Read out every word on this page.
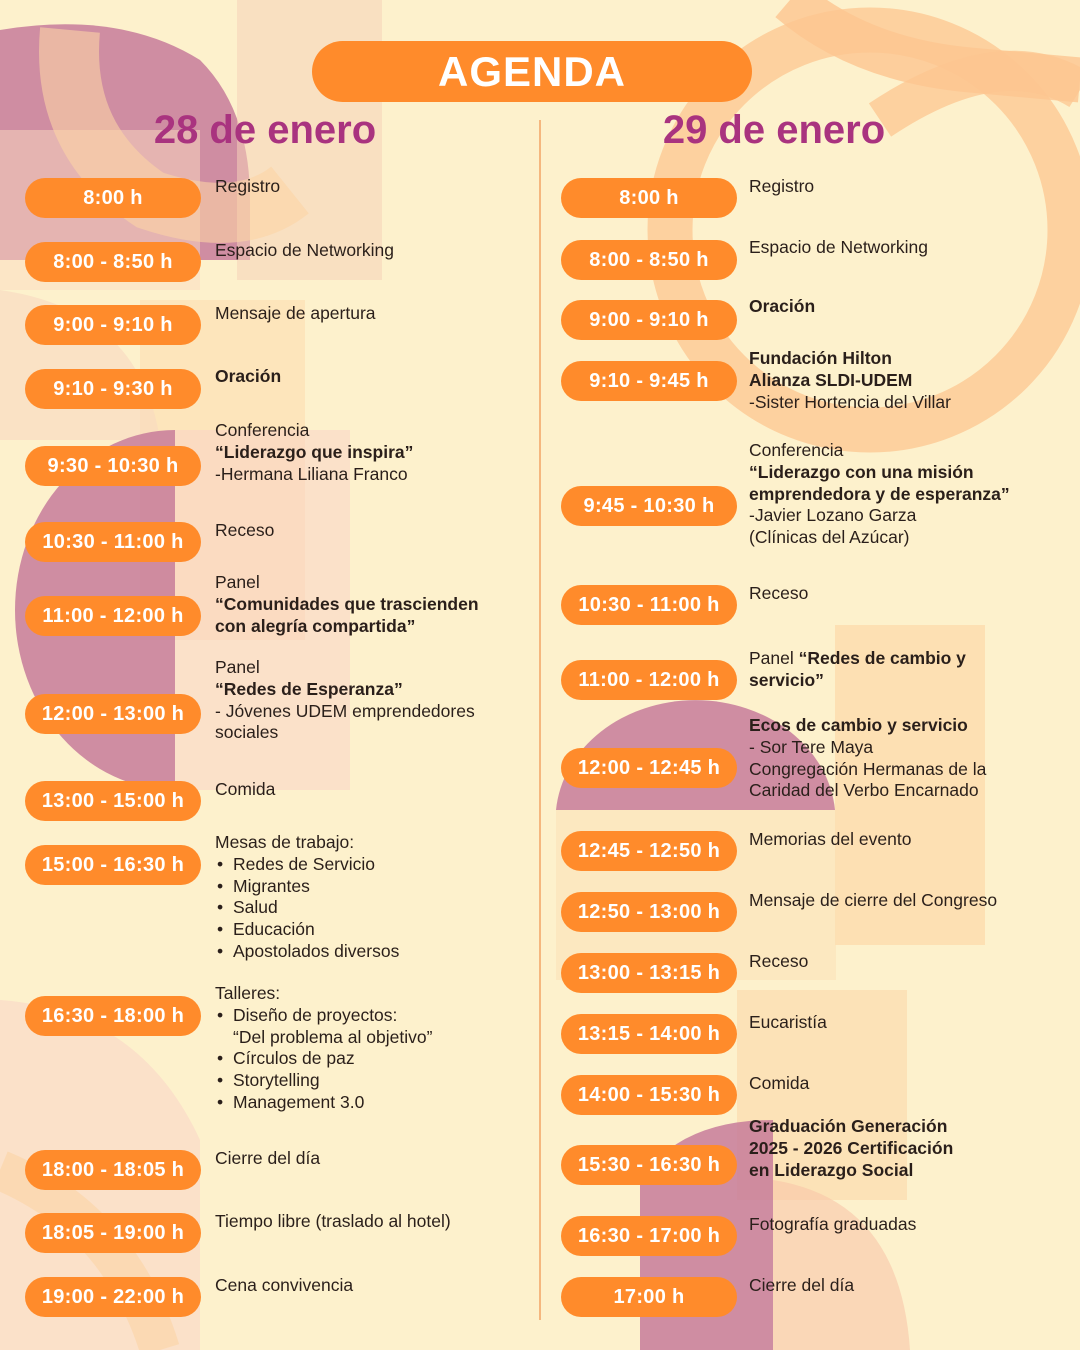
AGENDA
28 de enero	29 de enero
8:00 h
Registro
8:00 - 8:50 h
Espacio de Networking
9:00 - 9:10 h
Mensaje de apertura
9:10 - 9:30 h
Oración
9:30 - 10:30 h
Conferencia
“Liderazgo que inspira”
-Hermana Liliana Franco
10:30 - 11:00 h
Receso
11:00 - 12:00 h
Panel
“Comunidades que trascienden
con alegría compartida”
12:00 - 13:00 h
Panel
“Redes de Esperanza”
- Jóvenes UDEM emprendedores
sociales
13:00 - 15:00 h
Comida
15:00 - 16:30 h
Mesas de trabajo:
• Redes de Servicio
• Migrantes
• Salud
• Educación
• Apostolados diversos
16:30 - 18:00 h
Talleres:
• Diseño de proyectos:
“Del problema al objetivo”
• Círculos de paz
• Storytelling
• Management 3.0
18:00 - 18:05 h
Cierre del día
18:05 - 19:00 h
Tiempo libre (traslado al hotel)
19:00 - 22:00 h
Cena convivencia
8:00 h
Registro
8:00 - 8:50 h
Espacio de Networking
9:00 - 9:10 h
Oración
9:10 - 9:45 h
Fundación Hilton
Alianza SLDI-UDEM
-Sister Hortencia del Villar
9:45 - 10:30 h
Conferencia
“Liderazgo con una misión
emprendedora y de esperanza”
-Javier Lozano Garza
(Clínicas del Azúcar)
10:30 - 11:00 h
Receso
11:00 - 12:00 h
Panel “Redes de cambio y
servicio”
12:00 - 12:45 h
Ecos de cambio y servicio
- Sor Tere Maya
Congregación Hermanas de la
Caridad del Verbo Encarnado
12:45 - 12:50 h
Memorias del evento
12:50 - 13:00 h
Mensaje de cierre del Congreso
13:00 - 13:15 h
Receso
13:15 - 14:00 h
Eucaristía
14:00 - 15:30 h
Comida
15:30 - 16:30 h
Graduación Generación
2025 - 2026 Certificación
en Liderazgo Social
16:30 - 17:00 h
Fotografía graduadas
17:00 h
Cierre del día
